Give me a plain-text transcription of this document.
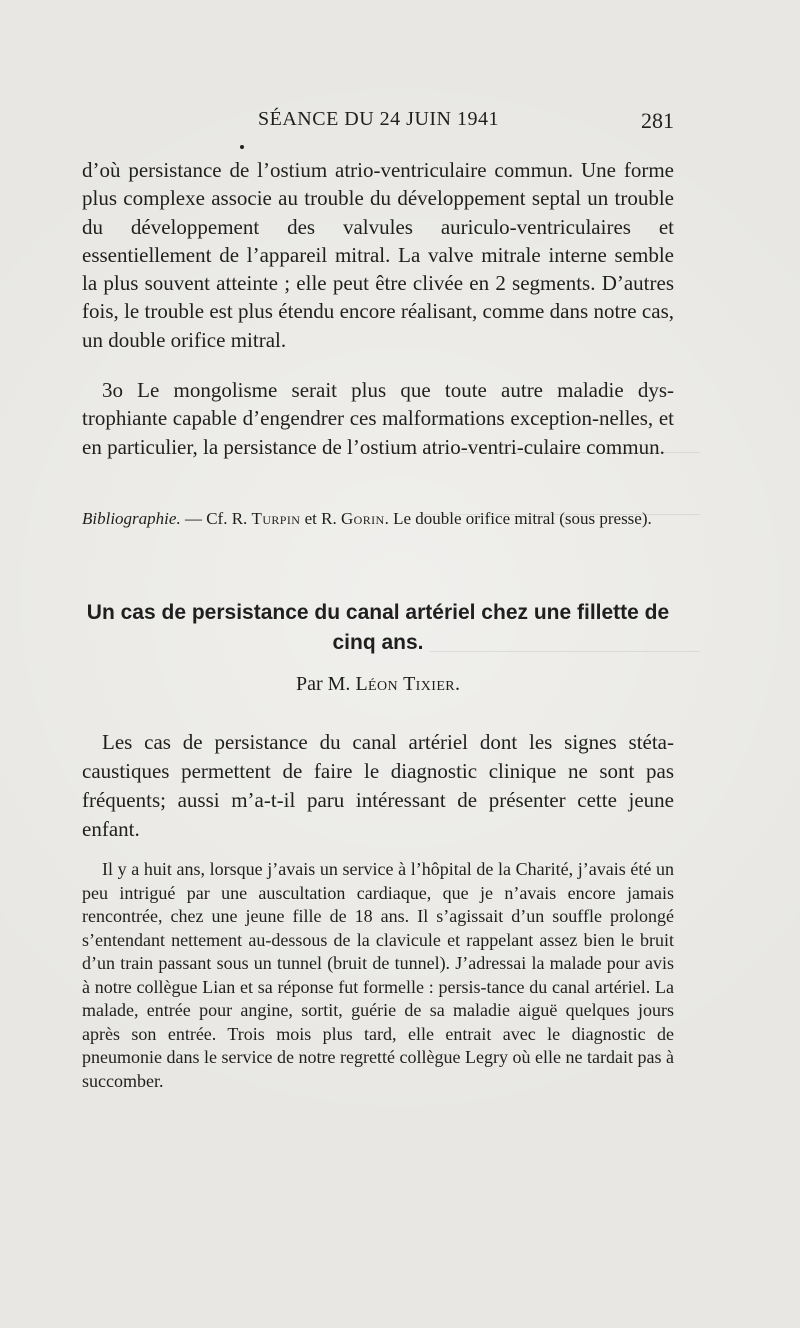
SÉANCE DU 24 JUIN 1941	281
d’où persistance de l’ostium atrio-ventriculaire commun. Une forme plus complexe associe au trouble du développement septal un trouble du développement des valvules auriculo-ventriculaires et essentiellement de l’appareil mitral. La valve mitrale interne semble la plus souvent atteinte ; elle peut être clivée en 2 segments. D’autres fois, le trouble est plus étendu encore réalisant, comme dans notre cas, un double orifice mitral.
3o Le mongolisme serait plus que toute autre maladie dys-trophiante capable d’engendrer ces malformations exception-nelles, et en particulier, la persistance de l’ostium atrio-ventri-culaire commun.
Bibliographie. — Cf. R. Turpin et R. Gorin. Le double orifice mitral (sous presse).
Un cas de persistance du canal artériel chez une fillette de cinq ans.
Par M. Léon Tixier.
Les cas de persistance du canal artériel dont les signes stéta-caustiques permettent de faire le diagnostic clinique ne sont pas fréquents; aussi m’a-t-il paru intéressant de présenter cette jeune enfant.
Il y a huit ans, lorsque j’avais un service à l’hôpital de la Charité, j’avais été un peu intrigué par une auscultation cardiaque, que je n’avais encore jamais rencontrée, chez une jeune fille de 18 ans. Il s’agissait d’un souffle prolongé s’entendant nettement au-dessous de la clavicule et rappelant assez bien le bruit d’un train passant sous un tunnel (bruit de tunnel). J’adressai la malade pour avis à notre collègue Lian et sa réponse fut formelle : persis-tance du canal artériel. La malade, entrée pour angine, sortit, guérie de sa maladie aiguë quelques jours après son entrée. Trois mois plus tard, elle entrait avec le diagnostic de pneumonie dans le service de notre regretté collègue Legry où elle ne tardait pas à succomber.
